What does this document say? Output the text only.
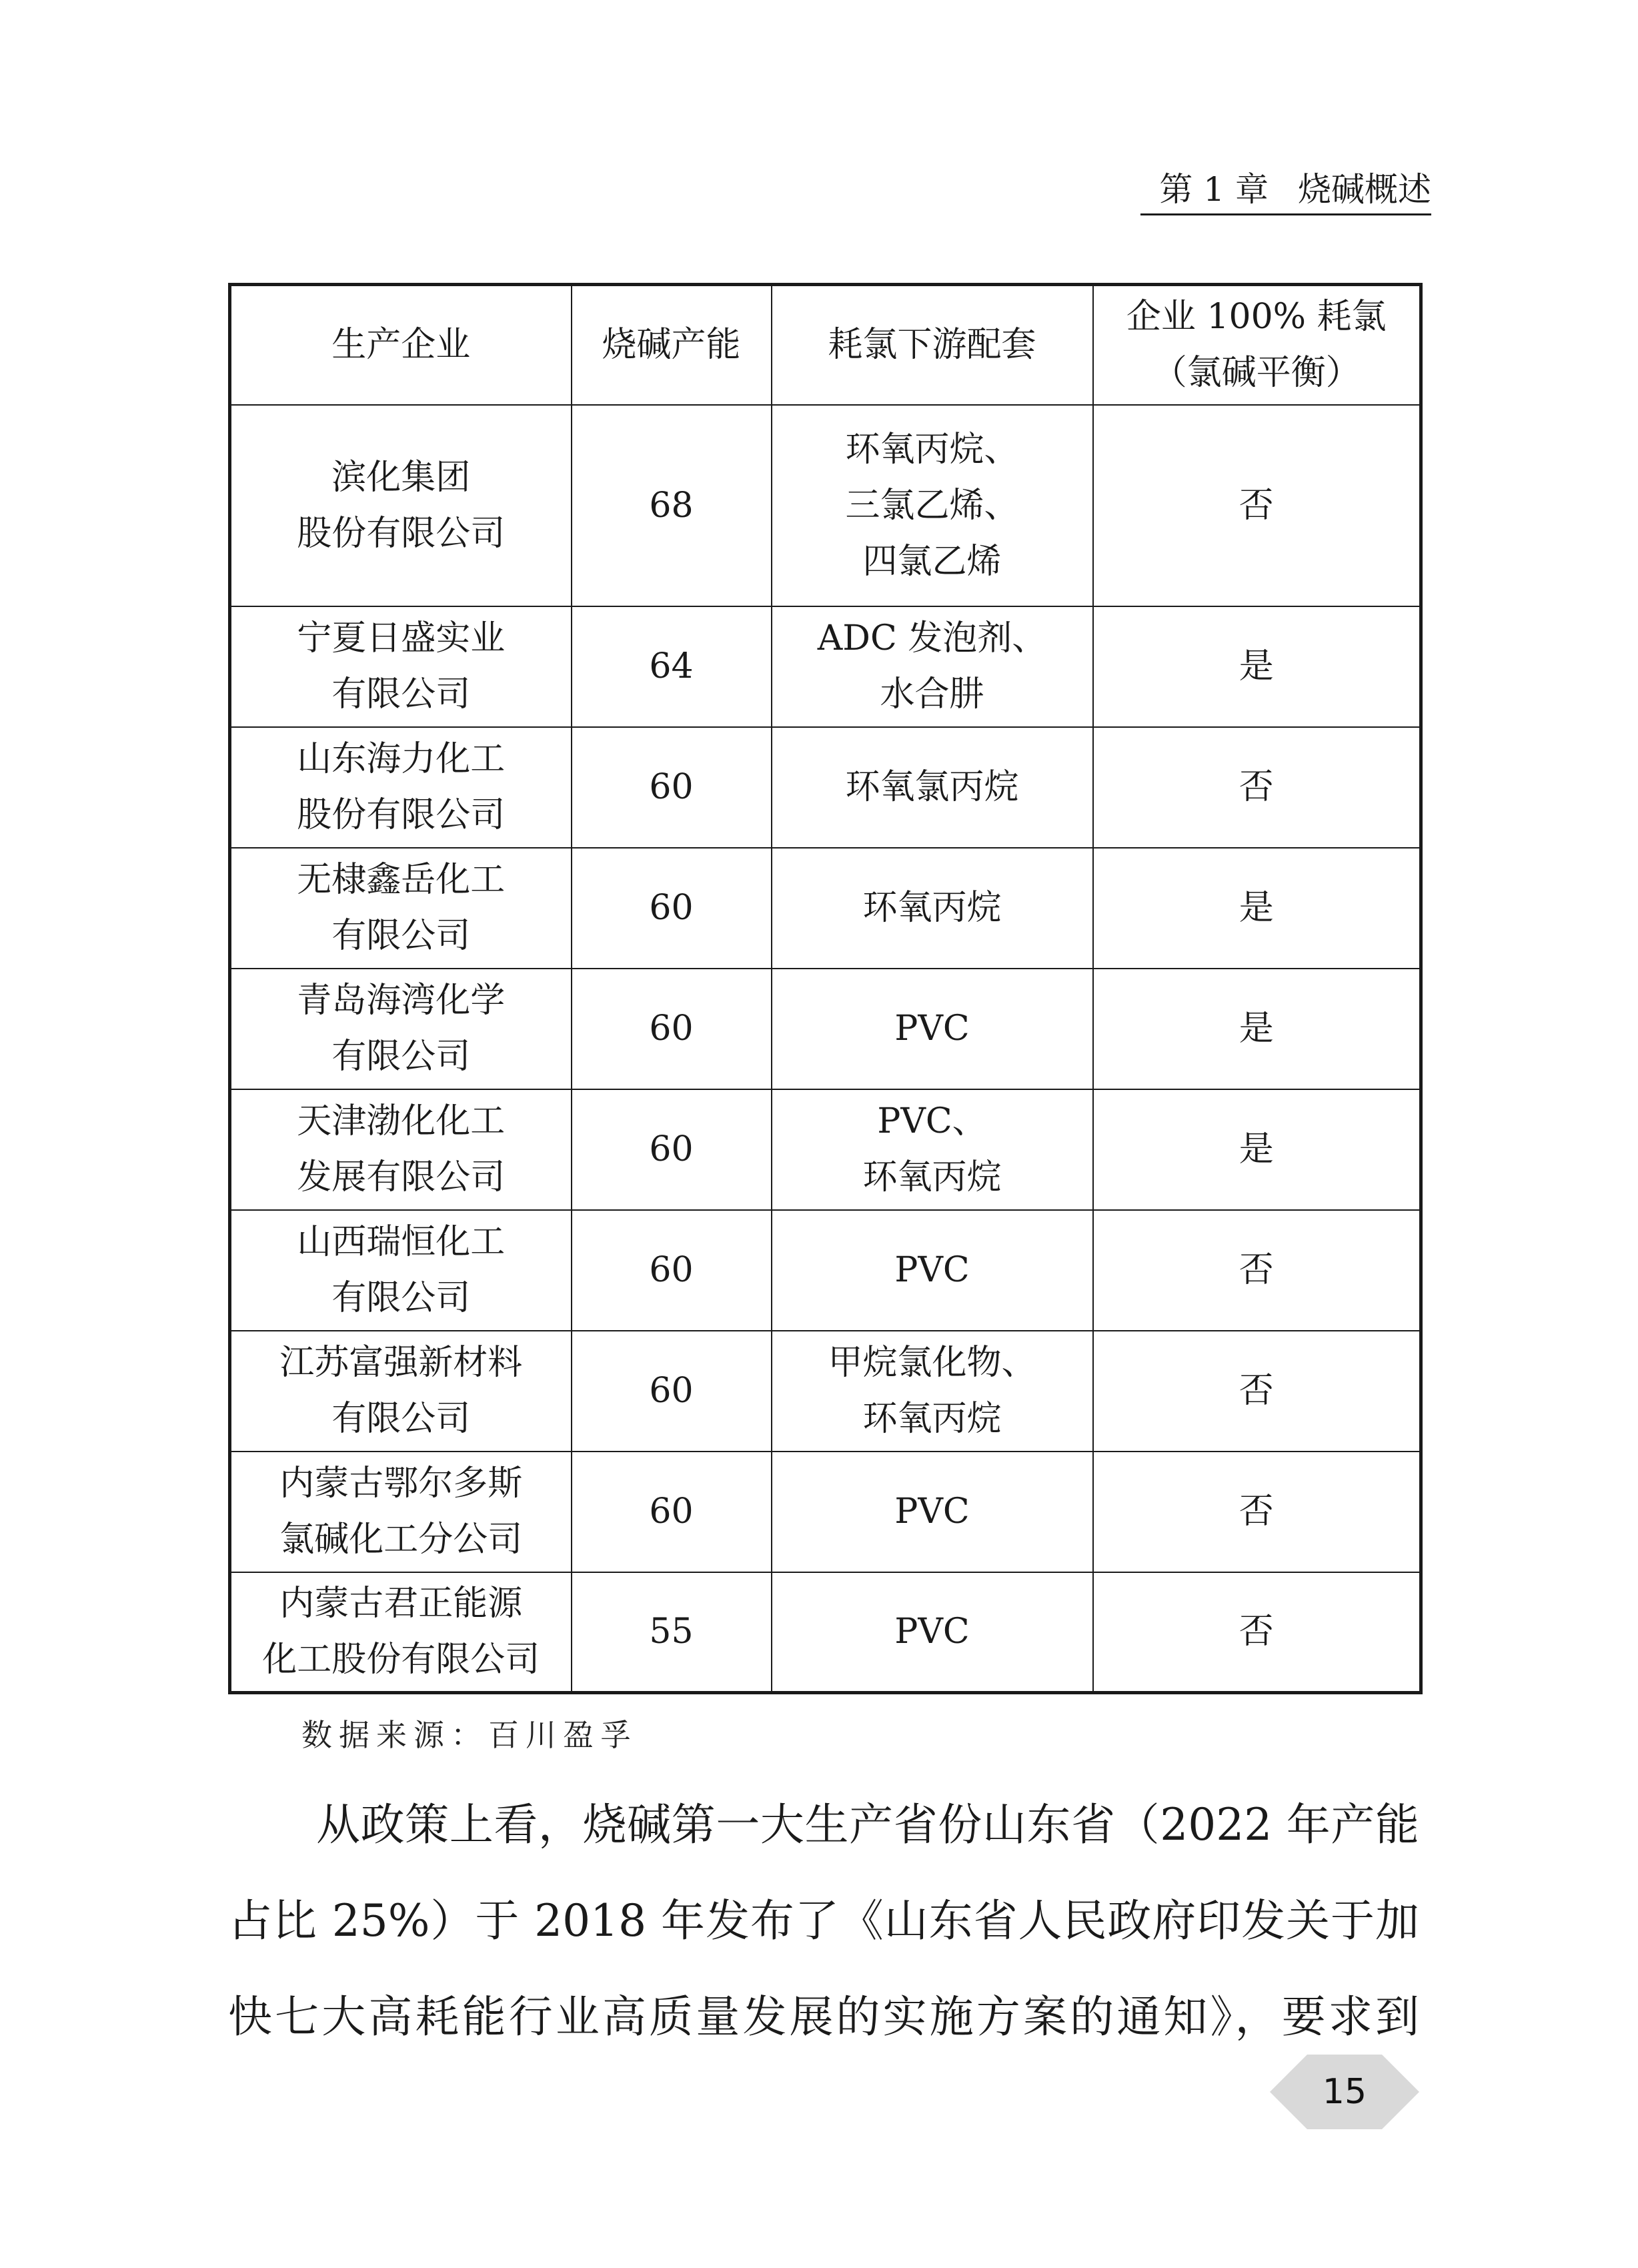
第 1 章 烧碱概述
生产企业	烧碱产能	耗氯下游配套	企业 100% 耗氯
（氯碱平衡）

滨化集团
股份有限公司	68	环氧丙烷、
三氯乙烯、
四氯乙烯	否

宁夏日盛实业
有限公司	64	ADC 发泡剂、
水合肼	是

山东海力化工
股份有限公司	60	环氧氯丙烷	否

无棣鑫岳化工
有限公司	60	环氧丙烷	是

青岛海湾化学
有限公司	60	PVC	是

天津渤化化工
发展有限公司	60	PVC、
环氧丙烷	是

山西瑞恒化工
有限公司	60	PVC	否

江苏富强新材料
有限公司	60	甲烷氯化物、
环氧丙烷	否

内蒙古鄂尔多斯
氯碱化工分公司	60	PVC	否

内蒙古君正能源
化工股份有限公司	55	PVC	否
数据来源：百川盈孚
从政策上看，烧碱第一大生产省份山东省（2022 年产能
占比 25%）于 2018 年发布了《山东省人民政府印发关于加
快七大高耗能行业高质量发展的实施方案的通知》，要求到
15
